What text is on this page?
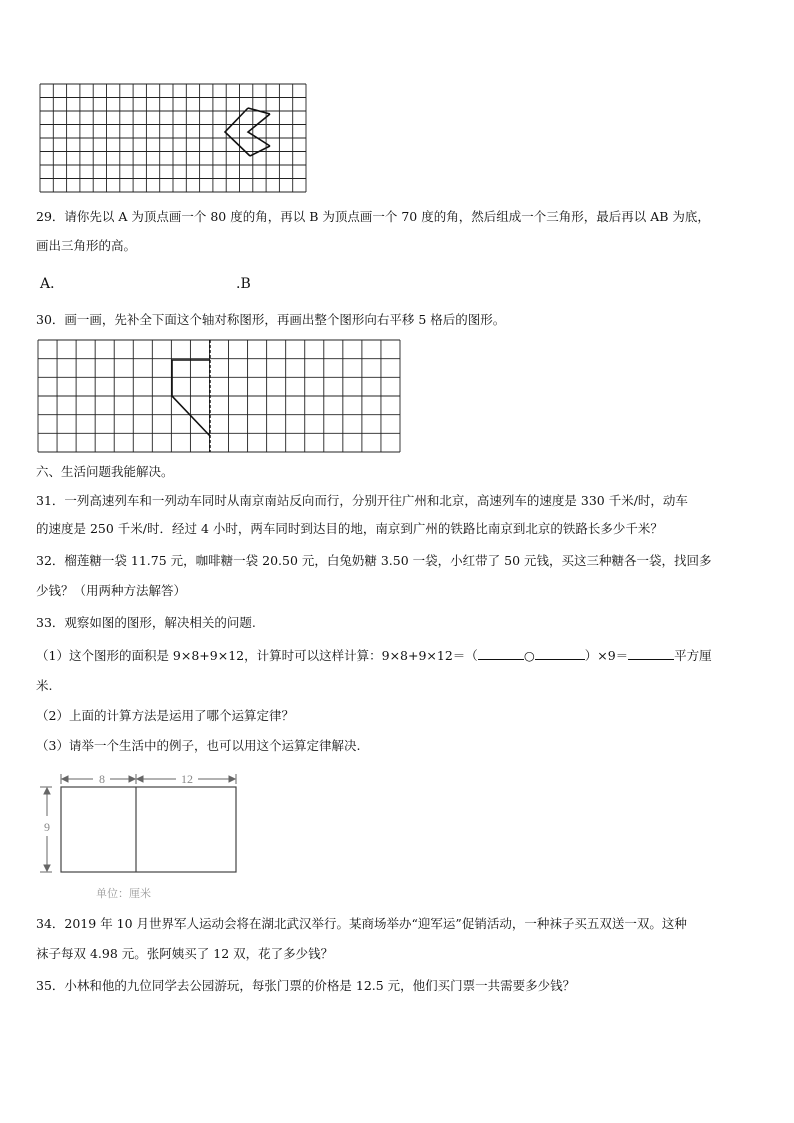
29．请你先以 A 为顶点画一个 80 度的角，再以 B 为顶点画一个 70 度的角，然后组成一个三角形，最后再以 AB 为底，
画出三角形的高。
A．	.B
30．画一画，先补全下面这个轴对称图形，再画出整个图形向右平移 5 格后的图形。
六、生活问题我能解决。
31．一列高速列车和一列动车同时从南京南站反向而行，分别开往广州和北京，高速列车的速度是 330 千米/时，动车
的速度是 250 千米/时．经过 4 小时，两车同时到达目的地，南京到广州的铁路比南京到北京的铁路长多少千米？
32．榴莲糖一袋 11.75 元，咖啡糖一袋 20.50 元，白兔奶糖 3.50 一袋，小红带了 50 元钱，买这三种糖各一袋，找回多
少钱？（用两种方法解答）
33．观察如图的图形，解决相关的问题.
（1）这个图形的面积是 9×8+9×12，计算时可以这样计算：9×8+9×12＝（	○	）×9＝	平方厘
米.
（2）上面的计算方法是运用了哪个运算定律？
（3）请举一个生活中的例子，也可以用这个运算定律解决.
8	12
9
单位：厘米
34．2019 年 10 月世界军人运动会将在湖北武汉举行。某商场举办“迎军运”促销活动，一种袜子买五双送一双。这种
袜子每双 4.98 元。张阿姨买了 12 双，花了多少钱？
35．小林和他的九位同学去公园游玩，每张门票的价格是 12.5 元，他们买门票一共需要多少钱？
